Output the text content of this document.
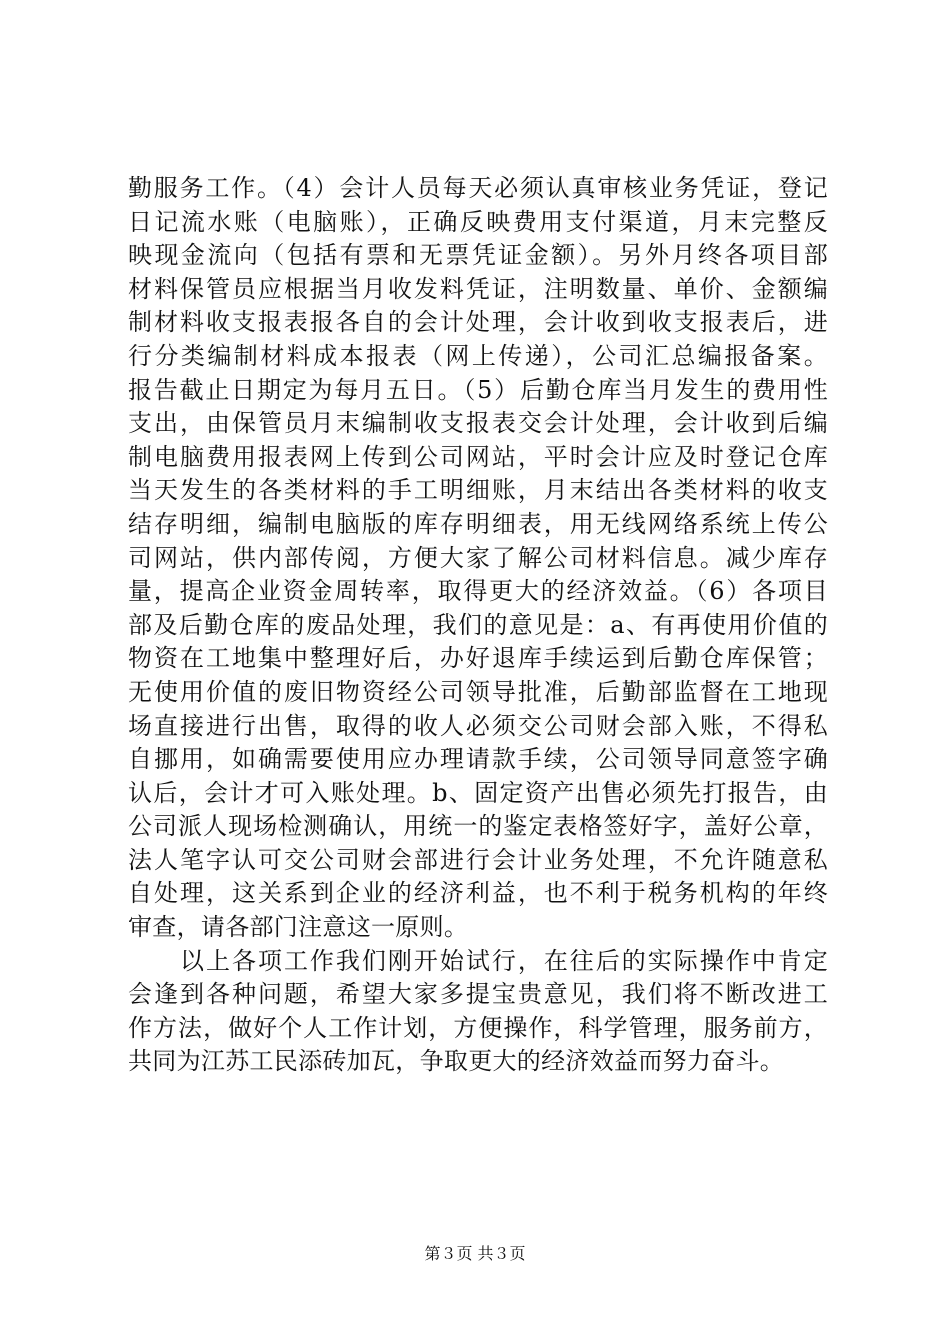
勤服务工作。（4）会计人员每天必须认真审核业务凭证，登记
日记流水账（电脑账），正确反映费用支付渠道，月末完整反
映现金流向（包括有票和无票凭证金额）。另外月终各项目部
材料保管员应根据当月收发料凭证，注明数量、单价、金额编
制材料收支报表报各自的会计处理，会计收到收支报表后，进
行分类编制材料成本报表（网上传递），公司汇总编报备案。
报告截止日期定为每月五日。（5）后勤仓库当月发生的费用性
支出，由保管员月末编制收支报表交会计处理，会计收到后编
制电脑费用报表网上传到公司网站，平时会计应及时登记仓库
当天发生的各类材料的手工明细账，月末结出各类材料的收支
结存明细，编制电脑版的库存明细表，用无线网络系统上传公
司网站，供内部传阅，方便大家了解公司材料信息。减少库存
量，提高企业资金周转率，取得更大的经济效益。（6）各项目
部及后勤仓库的废品处理，我们的意见是：a、有再使用价值的
物资在工地集中整理好后，办好退库手续运到后勤仓库保管；
无使用价值的废旧物资经公司领导批准，后勤部监督在工地现
场直接进行出售，取得的收人必须交公司财会部入账，不得私
自挪用，如确需要使用应办理请款手续，公司领导同意签字确
认后，会计才可入账处理。b、固定资产出售必须先打报告，由
公司派人现场检测确认，用统一的鉴定表格签好字，盖好公章，
法人笔字认可交公司财会部进行会计业务处理，不允许随意私
自处理，这关系到企业的经济利益，也不利于税务机构的年终
审查，请各部门注意这一原则。
以上各项工作我们刚开始试行，在往后的实际操作中肯定
会逢到各种问题，希望大家多提宝贵意见，我们将不断改进工
作方法，做好个人工作计划，方便操作，科学管理，服务前方，
共同为江苏工民添砖加瓦，争取更大的经济效益而努力奋斗。
第３页 共３页
